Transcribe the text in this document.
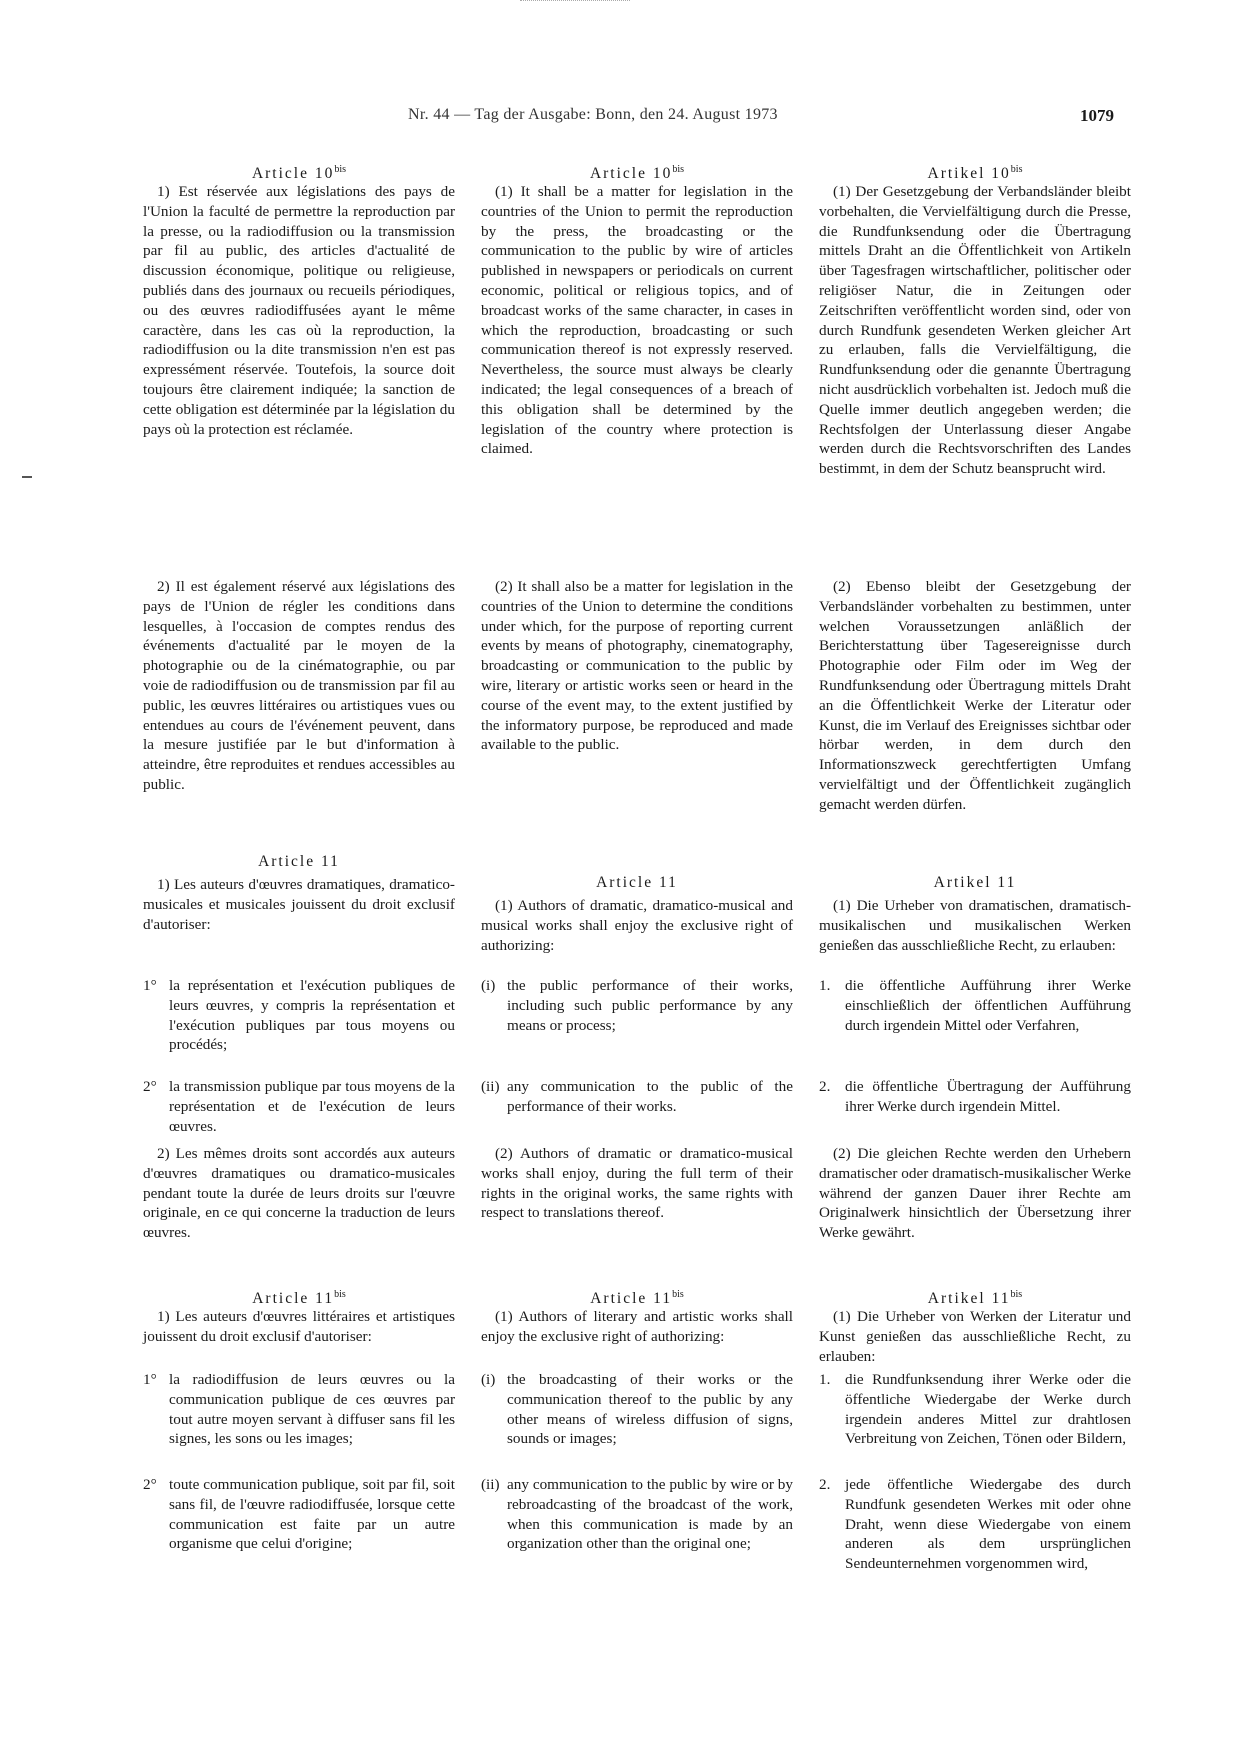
Nr. 44 — Tag der Ausgabe: Bonn, den 24. August 1973	1079
Article $10^{bis}$
1) Est réservée aux législations des pays de l'Union la faculté de permettre la reproduction par la presse, ou la radiodiffusion ou la transmission par fil au public, des articles d'actualité de discussion économique, politique ou religieuse, publiés dans des journaux ou recueils périodiques, ou des œuvres radiodiffusées ayant le même caractère, dans les cas où la reproduction, la radiodiffusion ou la dite transmission n'en est pas expressément réservée. Toutefois, la source doit toujours être clairement indiquée; la sanction de cette obligation est déterminée par la législation du pays où la protection est réclamée.
2) Il est également réservé aux législations des pays de l'Union de régler les conditions dans lesquelles, à l'occasion de comptes rendus des événements d'actualité par le moyen de la photographie ou de la cinématographie, ou par voie de radiodiffusion ou de transmission par fil au public, les œuvres littéraires ou artistiques vues ou entendues au cours de l'événement peuvent, dans la mesure justifiée par le but d'information à atteindre, être reproduites et rendues accessibles au public.
Article 11
1) Les auteurs d'œuvres dramatiques, dramatico-musicales et musicales jouissent du droit exclusif d'autoriser:
1° la représentation et l'exécution publiques de leurs œuvres, y compris la représentation et l'exécution publiques par tous moyens ou procédés;
2° la transmission publique par tous moyens de la représentation et de l'exécution de leurs œuvres.
2) Les mêmes droits sont accordés aux auteurs d'œuvres dramatiques ou dramatico-musicales pendant toute la durée de leurs droits sur l'œuvre originale, en ce qui concerne la traduction de leurs œuvres.
Article $11^{bis}$
1) Les auteurs d'œuvres littéraires et artistiques jouissent du droit exclusif d'autoriser:
1° la radiodiffusion de leurs œuvres ou la communication publique de ces œuvres par tout autre moyen servant à diffuser sans fil les signes, les sons ou les images;
2° toute communication publique, soit par fil, soit sans fil, de l'œuvre radiodiffusée, lorsque cette communication est faite par un autre organisme que celui d'origine;
Article $10^{bis}$
(1) It shall be a matter for legislation in the countries of the Union to permit the reproduction by the press, the broadcasting or the communication to the public by wire of articles published in newspapers or periodicals on current economic, political or religious topics, and of broadcast works of the same character, in cases in which the reproduction, broadcasting or such communication thereof is not expressly reserved. Nevertheless, the source must always be clearly indicated; the legal consequences of a breach of this obligation shall be determined by the legislation of the country where protection is claimed.
(2) It shall also be a matter for legislation in the countries of the Union to determine the conditions under which, for the purpose of reporting current events by means of photography, cinematography, broadcasting or communication to the public by wire, literary or artistic works seen or heard in the course of the event may, to the extent justified by the informatory purpose, be reproduced and made available to the public.
Article 11
(1) Authors of dramatic, dramatico-musical and musical works shall enjoy the exclusive right of authorizing:
(i) the public performance of their works, including such public performance by any means or process;
(ii) any communication to the public of the performance of their works.
(2) Authors of dramatic or dramatico-musical works shall enjoy, during the full term of their rights in the original works, the same rights with respect to translations thereof.
Article $11^{bis}$
(1) Authors of literary and artistic works shall enjoy the exclusive right of authorizing:
(i) the broadcasting of their works or the communication thereof to the public by any other means of wireless diffusion of signs, sounds or images;
(ii) any communication to the public by wire or by rebroadcasting of the broadcast of the work, when this communication is made by an organization other than the original one;
Artikel $10^{bis}$
(1) Der Gesetzgebung der Verbandsländer bleibt vorbehalten, die Vervielfältigung durch die Presse, die Rundfunksendung oder die Übertragung mittels Draht an die Öffentlichkeit von Artikeln über Tagesfragen wirtschaftlicher, politischer oder religiöser Natur, die in Zeitungen oder Zeitschriften veröffentlicht worden sind, oder von durch Rundfunk gesendeten Werken gleicher Art zu erlauben, falls die Vervielfältigung, die Rundfunksendung oder die genannte Übertragung nicht ausdrücklich vorbehalten ist. Jedoch muß die Quelle immer deutlich angegeben werden; die Rechtsfolgen der Unterlassung dieser Angabe werden durch die Rechtsvorschriften des Landes bestimmt, in dem der Schutz beansprucht wird.
(2) Ebenso bleibt der Gesetzgebung der Verbandsländer vorbehalten zu bestimmen, unter welchen Voraussetzungen anläßlich der Berichterstattung über Tagesereignisse durch Photographie oder Film oder im Weg der Rundfunksendung oder Übertragung mittels Draht an die Öffentlichkeit Werke der Literatur oder Kunst, die im Verlauf des Ereignisses sichtbar oder hörbar werden, in dem durch den Informationszweck gerechtfertigten Umfang vervielfältigt und der Öffentlichkeit zugänglich gemacht werden dürfen.
Artikel 11
(1) Die Urheber von dramatischen, dramatisch-musikalischen und musikalischen Werken genießen das ausschließliche Recht, zu erlauben:
1. die öffentliche Aufführung ihrer Werke einschließlich der öffentlichen Aufführung durch irgendein Mittel oder Verfahren,
2. die öffentliche Übertragung der Aufführung ihrer Werke durch irgendein Mittel.
(2) Die gleichen Rechte werden den Urhebern dramatischer oder dramatisch-musikalischer Werke während der ganzen Dauer ihrer Rechte am Originalwerk hinsichtlich der Übersetzung ihrer Werke gewährt.
Artikel $11^{bis}$
(1) Die Urheber von Werken der Literatur und Kunst genießen das ausschließliche Recht, zu erlauben:
1. die Rundfunksendung ihrer Werke oder die öffentliche Wiedergabe der Werke durch irgendein anderes Mittel zur drahtlosen Verbreitung von Zeichen, Tönen oder Bildern,
2. jede öffentliche Wiedergabe des durch Rundfunk gesendeten Werkes mit oder ohne Draht, wenn diese Wiedergabe von einem anderen als dem ursprünglichen Sendeunternehmen vorgenommen wird,
